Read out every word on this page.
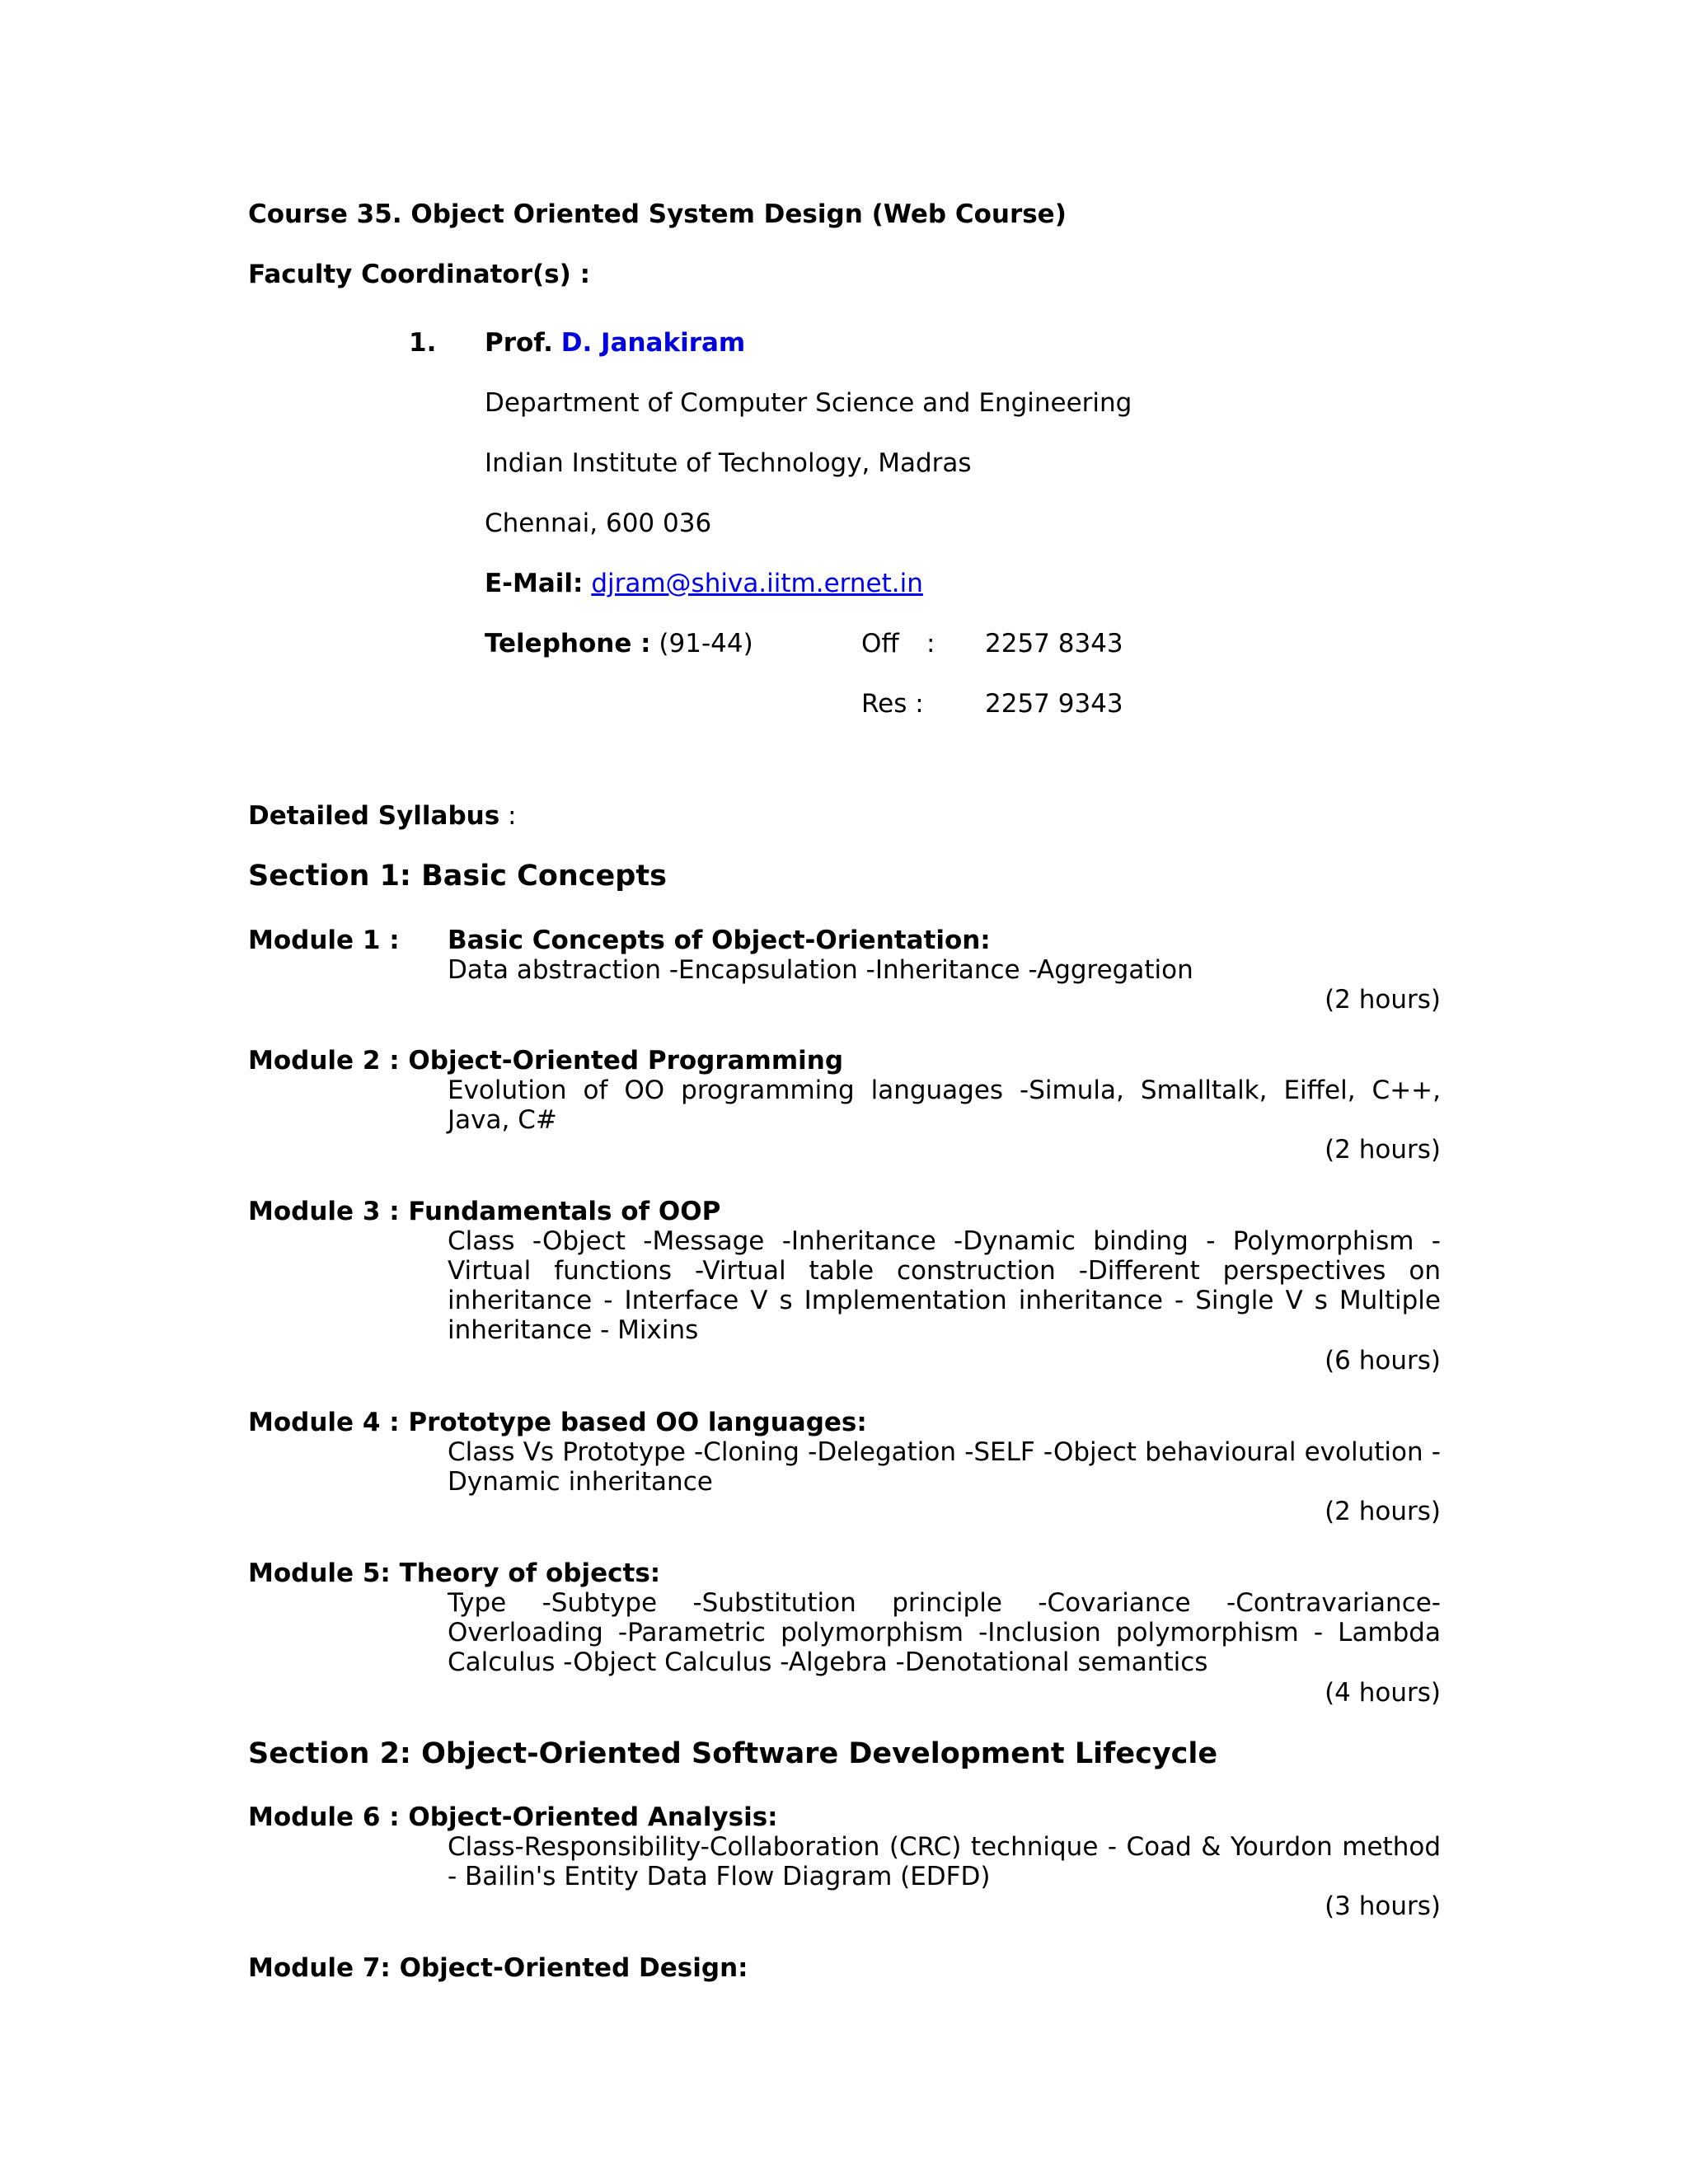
Course 35. Object Oriented System Design (Web Course)
Faculty Coordinator(s) :
1. Prof. D. Janakiram
Department of Computer Science and Engineering
Indian Institute of Technology, Madras
Chennai, 600 036
E-Mail: djram@shiva.iitm.ernet.in
Telephone : (91-44)	Off : 2257 8343
Res : 2257 9343
Detailed Syllabus :
Section 1: Basic Concepts
Module 1 : Basic Concepts of Object-Orientation:
Data abstraction -Encapsulation -Inheritance -Aggregation
(2 hours)
Module 2 : Object-Oriented Programming
Evolution of OO programming languages -Simula, Smalltalk, Eiffel, C++, Java, C#
(2 hours)
Module 3 : Fundamentals of OOP
Class -Object -Message -Inheritance -Dynamic binding - Polymorphism -Virtual functions -Virtual table construction -Different perspectives on inheritance - Interface V s Implementation inheritance - Single V s Multiple inheritance - Mixins
(6 hours)
Module 4 : Prototype based OO languages:
Class Vs Prototype -Cloning -Delegation -SELF -Object behavioural evolution - Dynamic inheritance
(2 hours)
Module 5: Theory of objects:
Type -Subtype -Substitution principle -Covariance -Contravariance- Overloading -Parametric polymorphism -Inclusion polymorphism - Lambda Calculus -Object Calculus -Algebra -Denotational semantics
(4 hours)
Section 2: Object-Oriented Software Development Lifecycle
Module 6 : Object-Oriented Analysis:
Class-Responsibility-Collaboration (CRC) technique - Coad & Yourdon method - Bailin's Entity Data Flow Diagram (EDFD)
(3 hours)
Module 7: Object-Oriented Design:
